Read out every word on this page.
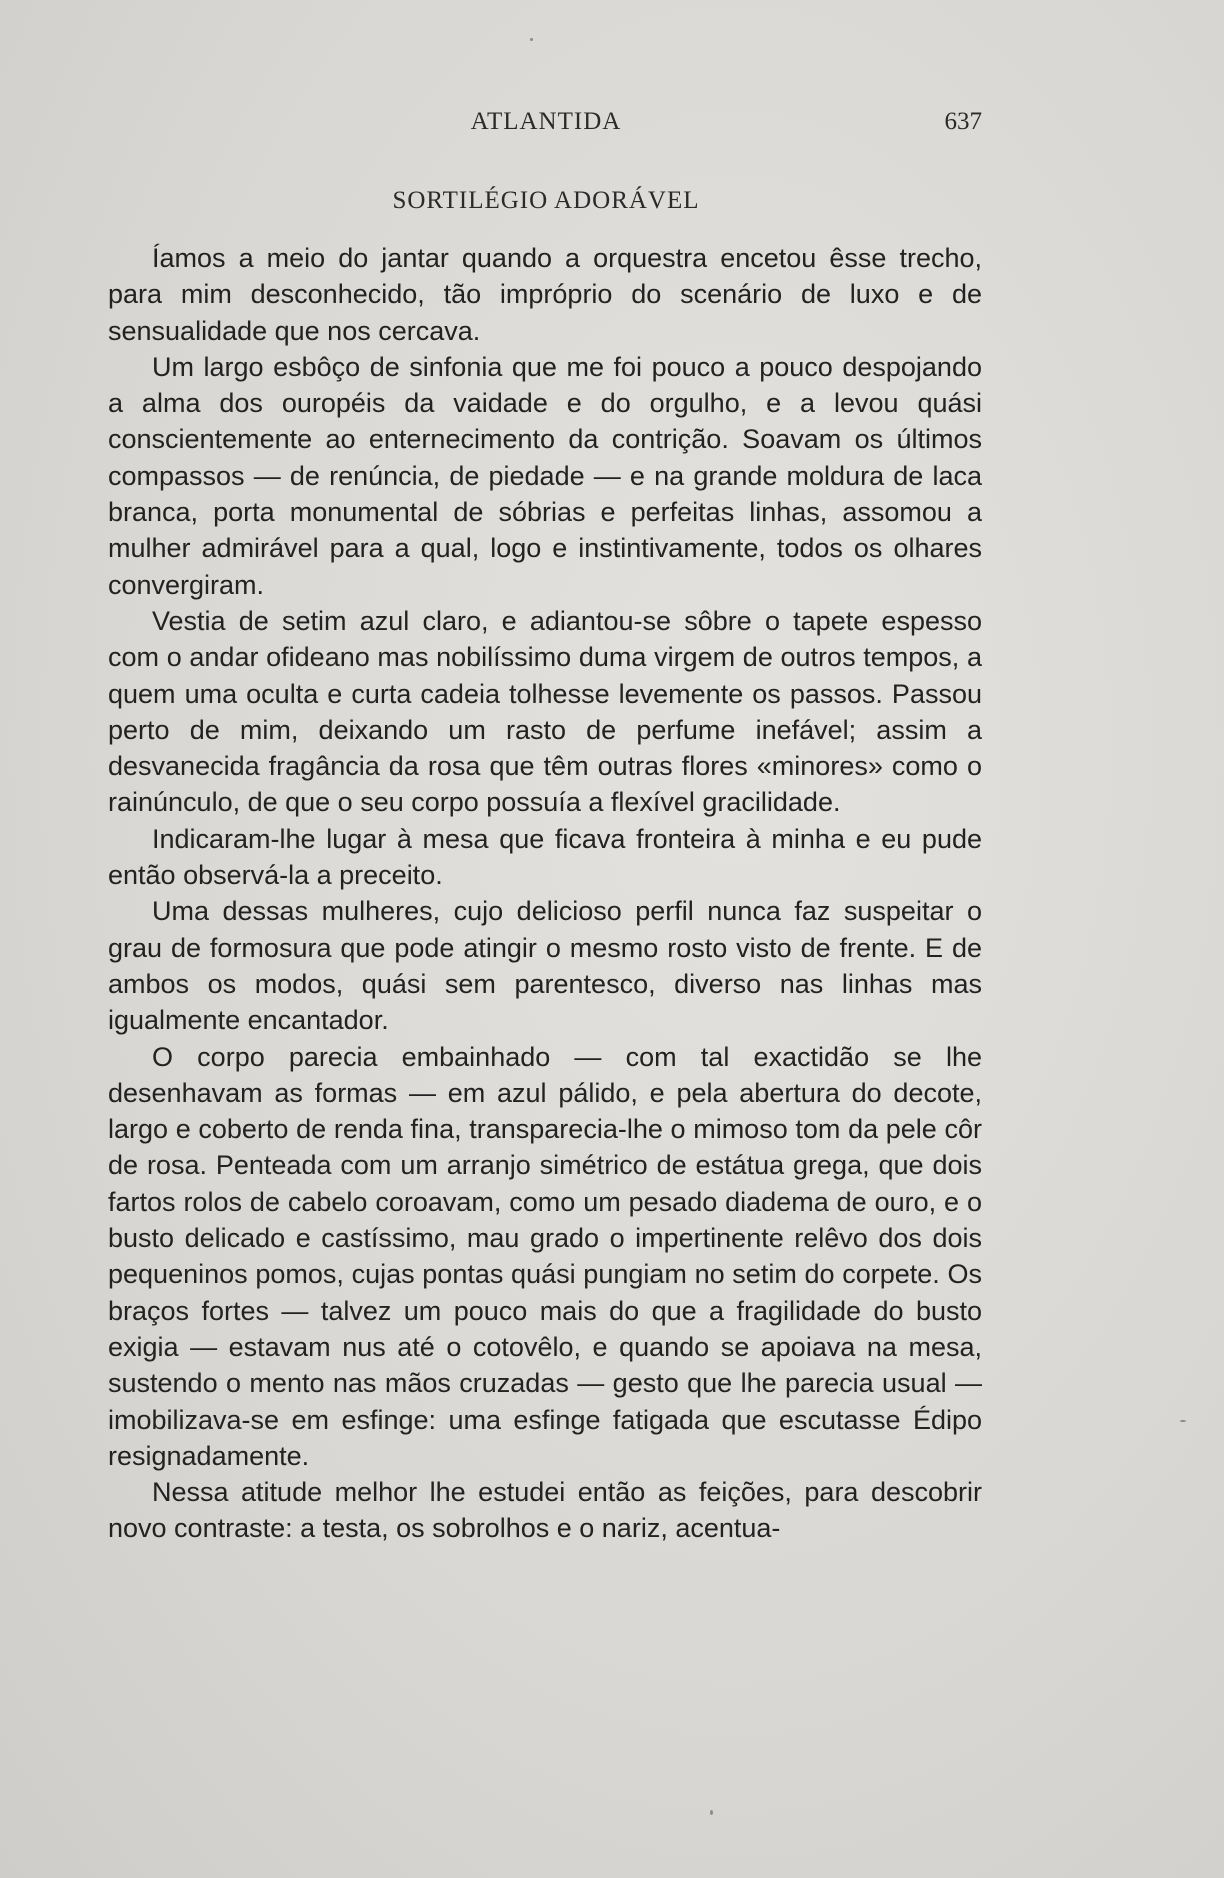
ATLANTIDA	637
SORTILÉGIO ADORÁVEL

Íamos a meio do jantar quando a orquestra encetou êsse trecho, para mim desconhecido, tão impróprio do scenário de luxo e de sensualidade que nos cercava.

Um largo esbôço de sinfonia que me foi pouco a pouco despojando a alma dos ouropéis da vaidade e do orgulho, e a levou quási conscientemente ao enternecimento da contrição. Soavam os últimos compassos — de renúncia, de piedade — e na grande moldura de laca branca, porta monumental de sóbrias e perfeitas linhas, assomou a mulher admirável para a qual, logo e instintivamente, todos os olhares convergiram.

Vestia de setim azul claro, e adiantou-se sôbre o tapete espesso com o andar ofideano mas nobilíssimo duma virgem de outros tempos, a quem uma oculta e curta cadeia tolhesse levemente os passos. Passou perto de mim, deixando um rasto de perfume inefável; assim a desvanecida fragância da rosa que têm outras flores «minores» como o rainúnculo, de que o seu corpo possuía a flexível gracilidade.

Indicaram-lhe lugar à mesa que ficava fronteira à minha e eu pude então observá-la a preceito.

Uma dessas mulheres, cujo delicioso perfil nunca faz suspeitar o grau de formosura que pode atingir o mesmo rosto visto de frente. E de ambos os modos, quási sem parentesco, diverso nas linhas mas igualmente encantador.

O corpo parecia embainhado — com tal exactidão se lhe desenhavam as formas — em azul pálido, e pela abertura do decote, largo e coberto de renda fina, transparecia-lhe o mimoso tom da pele côr de rosa. Penteada com um arranjo simétrico de estátua grega, que dois fartos rolos de cabelo coroavam, como um pesado diadema de ouro, e o busto delicado e castíssimo, mau grado o impertinente relêvo dos dois pequeninos pomos, cujas pontas quási pungiam no setim do corpete. Os braços fortes — talvez um pouco mais do que a fragilidade do busto exigia — estavam nus até o cotovêlo, e quando se apoiava na mesa, sustendo o mento nas mãos cruzadas — gesto que lhe parecia usual — imobilizava-se em esfinge: uma esfinge fatigada que escutasse Édipo resignadamente.

Nessa atitude melhor lhe estudei então as feições, para descobrir novo contraste: a testa, os sobrolhos e o nariz, acentua-
